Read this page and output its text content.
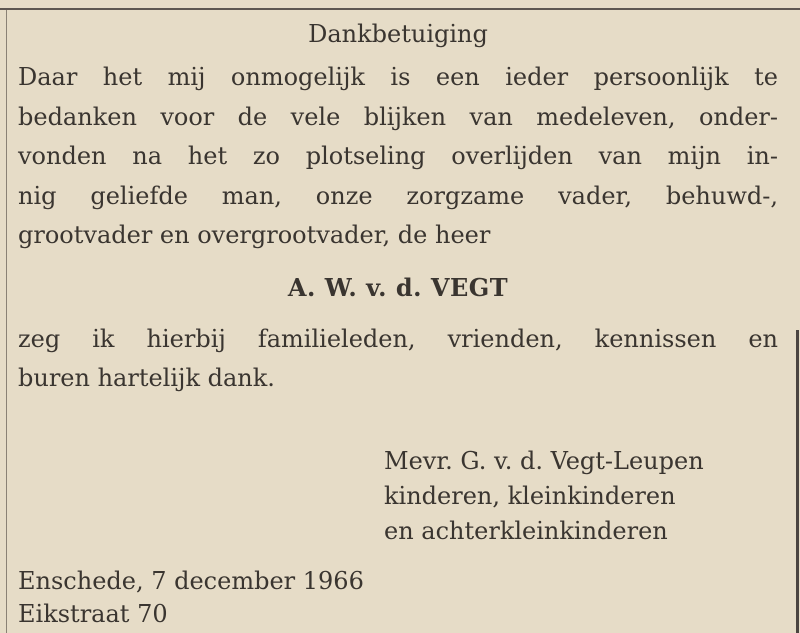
Dankbetuiging
Daar het mij onmogelijk is een ieder persoonlijk te
bedanken voor de vele blijken van medeleven, onder-
vonden na het zo plotseling overlijden van mijn in-
nig geliefde man, onze zorgzame vader, behuwd-,
grootvader en overgrootvader, de heer
A. W. v. d. VEGT
zeg ik hierbij familieleden, vrienden, kennissen en
buren hartelijk dank.
Mevr. G. v. d. Vegt-Leupen
kinderen, kleinkinderen
en achterkleinkinderen
Enschede, 7 december 1966
Eikstraat 70
